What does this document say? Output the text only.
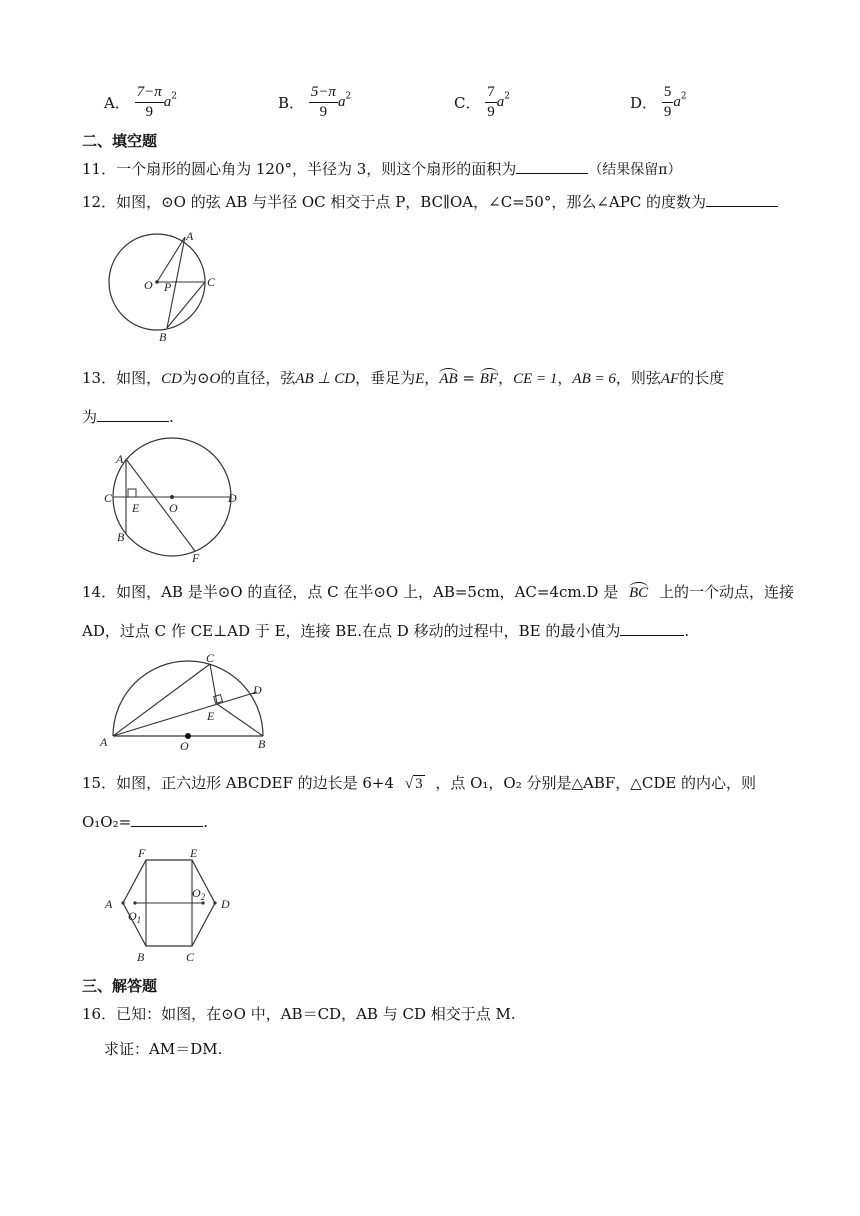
A． $\frac{7-\pi}{9} a^2$	B． $\frac{5-\pi}{9} a^2$	C． $\frac{7}{9} a^2$	D． $\frac{5}{9} a^2$
二、填空题
11．一个扇形的圆心角为 120°，半径为 3，则这个扇形的面积为	（结果保留π）
12．如图，⊙O 的弦 AB 与半径 OC 相交于点 P，BC∥OA，∠C=50°，那么∠APC 的度数为
A
O P	C
B
13．如图，CD为⊙O的直径，弦AB ⊥ CD，垂足为E，AB = BF，CE = 1，AB = 6，则弦AF的长度
为	.
A
C
E O
D
B
F
14．如图，AB 是半⊙O 的直径，点 C 在半⊙O 上，AB=5cm，AC=4cm.D 是 BC 上的一个动点，连接
AD，过点 C 作 CE⊥AD 于 E，连接 BE.在点 D 移动的过程中，BE 的最小值为	.
C
D
E
A	O	B
15．如图，正六边形 ABCDEF 的边长是 6+4 √ 3 ，点 O₁，O₂ 分别是△ABF，△CDE 的内心，则
O₁O₂=	.
F	E
A
$O_1$
$O_2$ D
B	C
三、解答题
16．已知：如图，在⊙O 中，AB＝CD，AB 与 CD 相交于点 M.
求证：AM＝DM.
